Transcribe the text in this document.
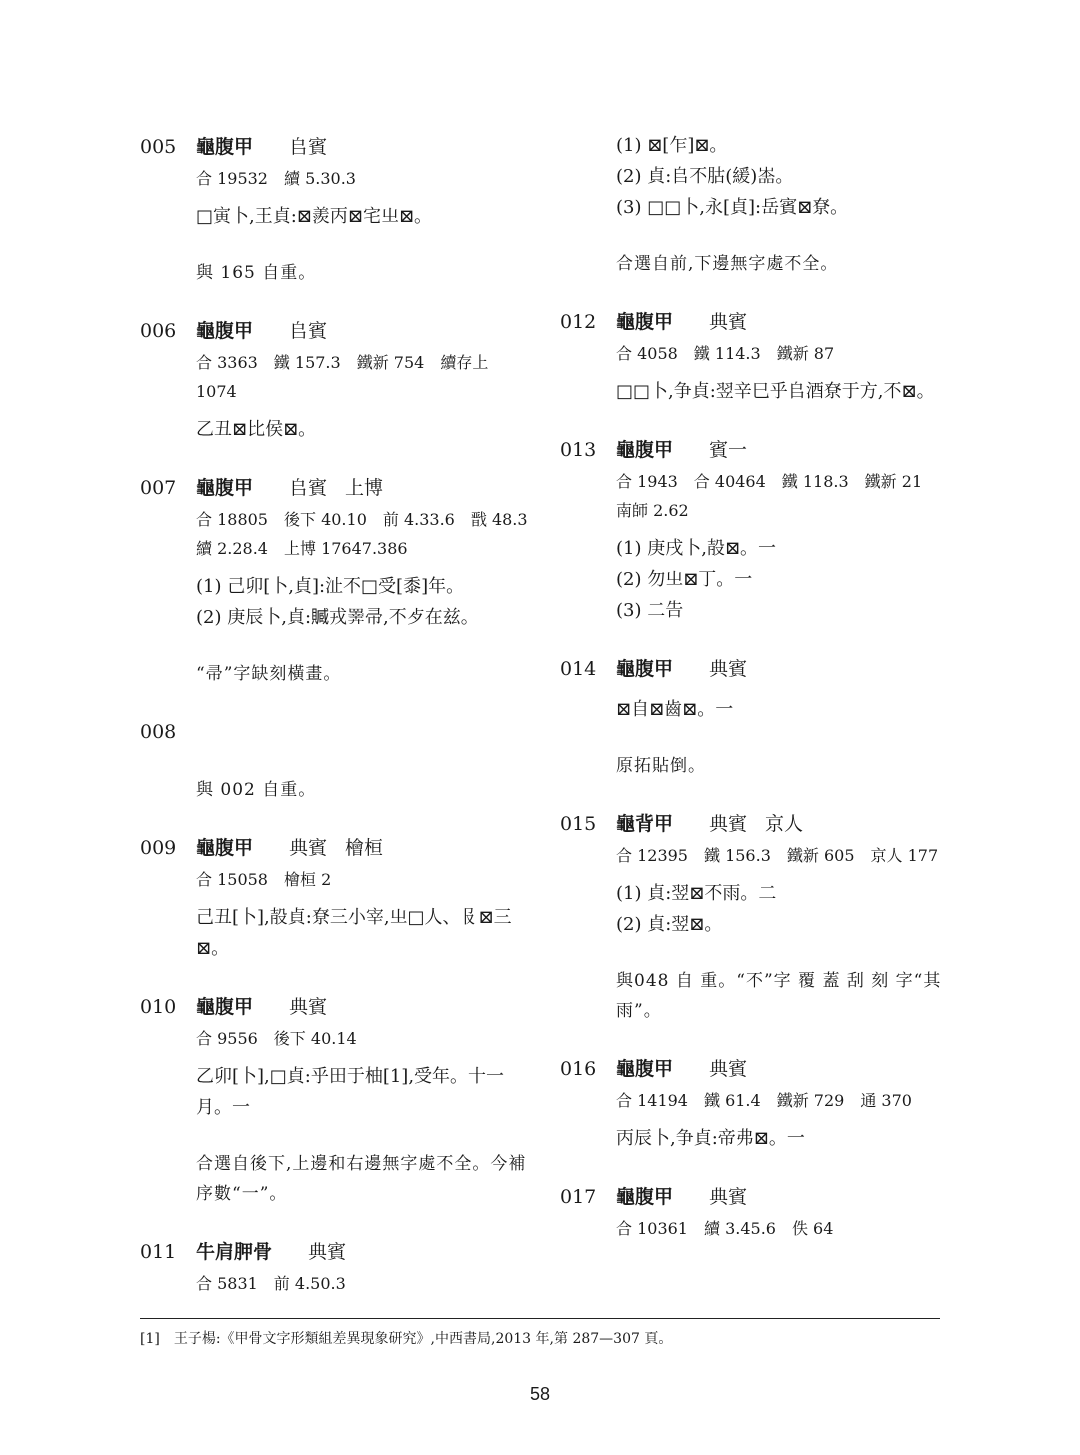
005	龜腹甲 𠂤賓
合 19532　續 5.30.3

□寅卜,王貞:⊠羨丙⊠宅㞢⊠。

與 165 自重。

006	龜腹甲 𠂤賓
合 3363　鐵 157.3　鐵新 754　續存上 1074

乙丑⊠比侯⊠。

007	龜腹甲 𠂤賓 上博
合 18805　後下 40.10　前 4.33.6　戬 48.3　續 2.28.4　上博 17647.386

(1) 己卯[卜,貞]:沚不□受[黍]年。

(2) 庚辰卜,貞:𧷢戎𢍰帚,不歺在兹。

“帚”字缺刻橫畫。

008

與 002 自重。

009	龜腹甲 典賓 檜桓
合 15058　檜桓 2

己丑[卜],㱿貞:尞三小宰,㞢□人、𠬝⊠三⊠。

010	龜腹甲 典賓
合 9556　後下 40.14

乙卯[卜],□貞:乎田于柚[1],受年。十一月。一

合選自後下,上邊和右邊無字處不全。今補序數“一”。

011	牛肩胛骨 典賓
合 5831　前 4.50.3

(1) ⊠[乍]⊠。

(2) 貞:𠂤不𦙶(緩)𡴡。

(3) □□卜,永[貞]:岳賓⊠尞。

合選自前,下邊無字處不全。

012	龜腹甲 典賓
合 4058　鐵 114.3　鐵新 87

□□卜,争貞:翌辛巳乎𠂤酒尞于方,不⊠。

013	龜腹甲 賓一
合 1943　合 40464　鐵 118.3　鐵新 21　南師 2.62

(1) 庚戌卜,㱿⊠。一

(2) 勿㞢⊠丁。一

(3) 二告

014	龜腹甲 典賓

⊠自⊠齒⊠。一

原拓貼倒。

015	龜背甲 典賓 京人
合 12395　鐵 156.3　鐵新 605　京人 177

(1) 貞:翌⊠不雨。二

(2) 貞:翌⊠。

與048 自 重。“不”字 覆 蓋 刮 刻 字“其雨”。

016	龜腹甲 典賓
合 14194　鐵 61.4　鐵新 729　通 370

丙辰卜,争貞:帝弗⊠。一

017	龜腹甲 典賓
合 10361　續 3.45.6　佚 64
[1] 王子楊:《甲骨文字形類組差異現象研究》,中西書局,2013 年,第 287—307 頁。
58
